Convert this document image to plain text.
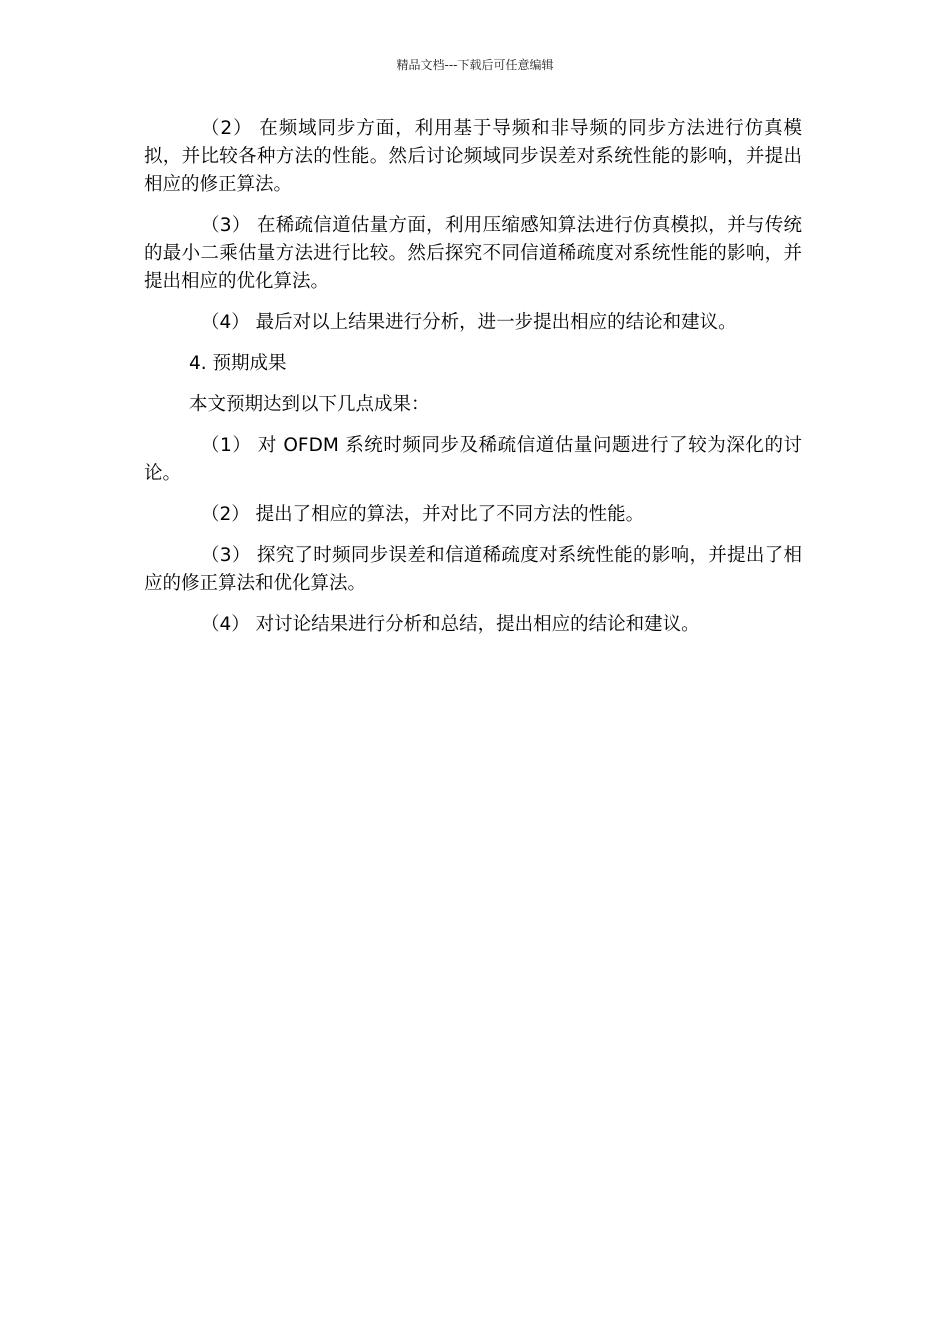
精品文档---下载后可任意编辑

（2） 在频域同步方面，利用基于导频和非导频的同步方法进行仿真模拟，并比较各种方法的性能。然后讨论频域同步误差对系统性能的影响，并提出相应的修正算法。

（3） 在稀疏信道估量方面，利用压缩感知算法进行仿真模拟，并与传统的最小二乘估量方法进行比较。然后探究不同信道稀疏度对系统性能的影响，并提出相应的优化算法。

（4） 最后对以上结果进行分析，进一步提出相应的结论和建议。

4. 预期成果

本文预期达到以下几点成果：

（1） 对 OFDM 系统时频同步及稀疏信道估量问题进行了较为深化的讨论。

（2） 提出了相应的算法，并对比了不同方法的性能。

（3） 探究了时频同步误差和信道稀疏度对系统性能的影响，并提出了相应的修正算法和优化算法。

（4） 对讨论结果进行分析和总结，提出相应的结论和建议。
